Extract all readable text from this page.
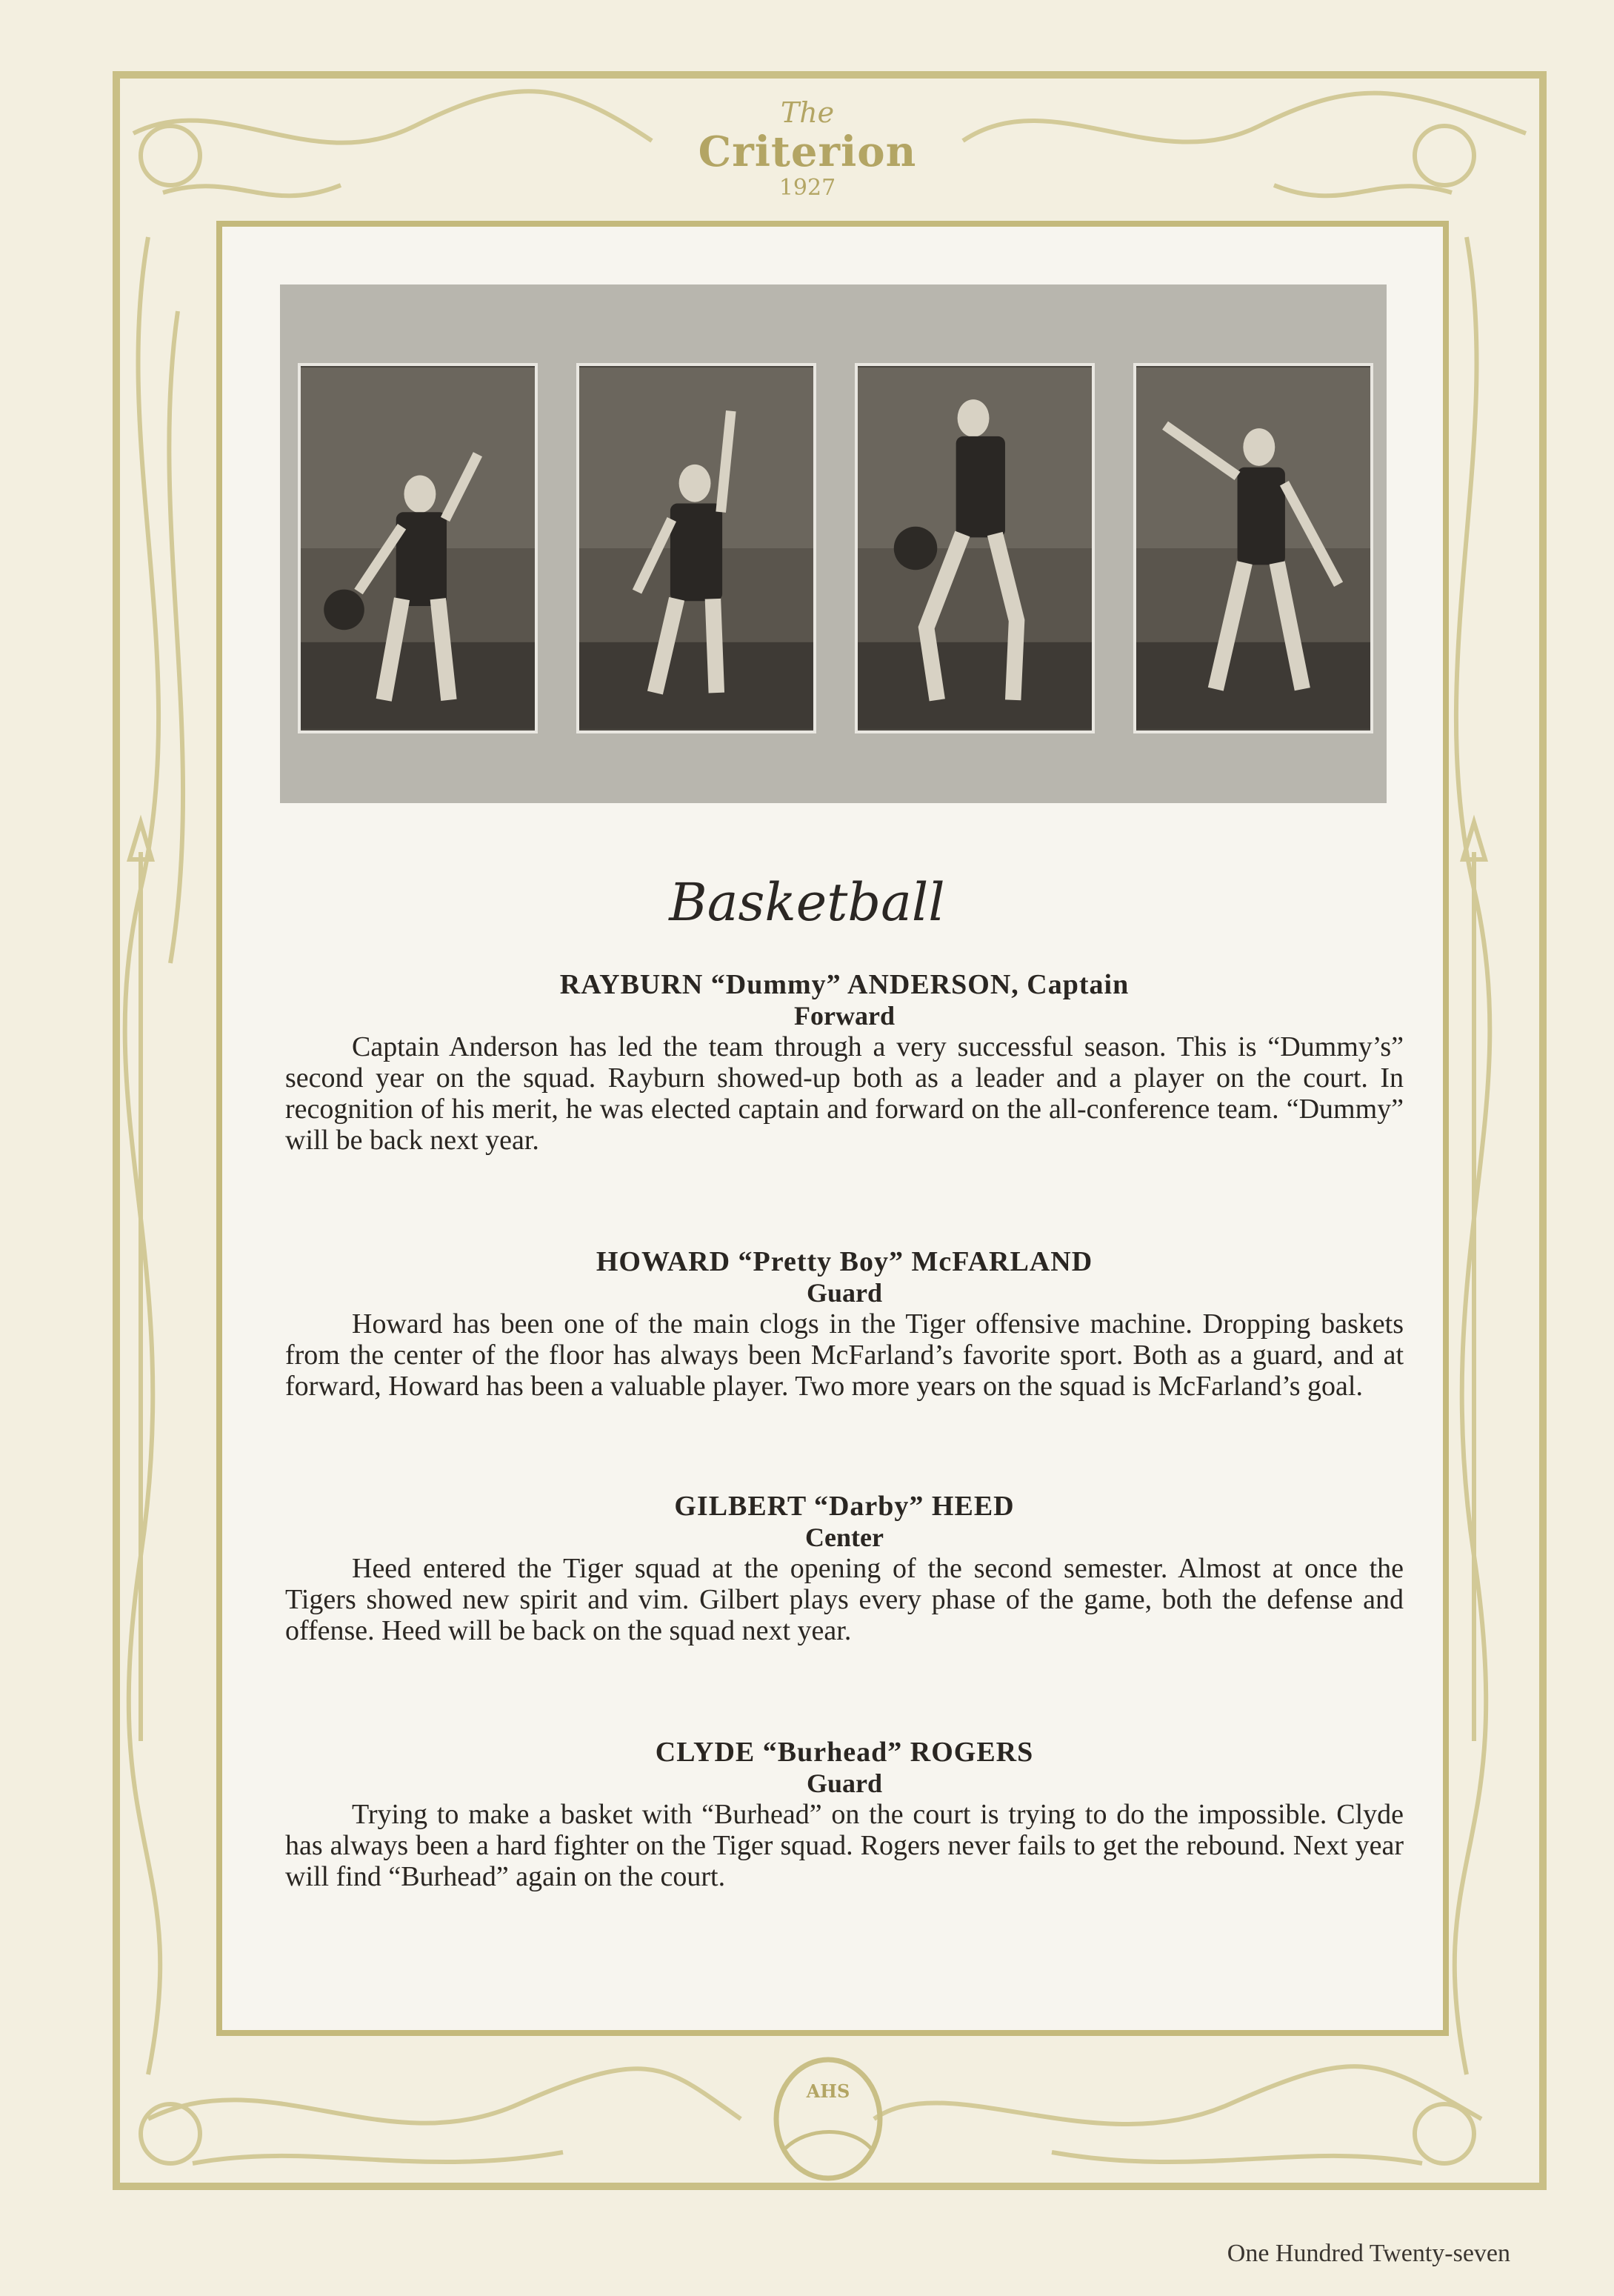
The
Criterion
1927
AHS
Basketball
RAYBURN “Dummy” ANDERSON, Captain
Forward
Captain Anderson has led the team through a very successful season. This is “Dummy’s” second year on the squad. Rayburn showed-up both as a leader and a player on the court. In recognition of his merit, he was elected captain and forward on the all-conference team. “Dummy” will be back next year.
HOWARD “Pretty Boy” McFARLAND
Guard
Howard has been one of the main clogs in the Tiger offensive machine. Dropping baskets from the center of the floor has always been McFarland’s favorite sport. Both as a guard, and at forward, Howard has been a valuable player. Two more years on the squad is McFarland’s goal.
GILBERT “Darby” HEED
Center
Heed entered the Tiger squad at the opening of the second semester. Almost at once the Tigers showed new spirit and vim. Gilbert plays every phase of the game, both the defense and offense. Heed will be back on the squad next year.
CLYDE “Burhead” ROGERS
Guard
Trying to make a basket with “Burhead” on the court is trying to do the impossible. Clyde has always been a hard fighter on the Tiger squad. Rogers never fails to get the rebound. Next year will find “Burhead” again on the court.
One Hundred Twenty-seven
